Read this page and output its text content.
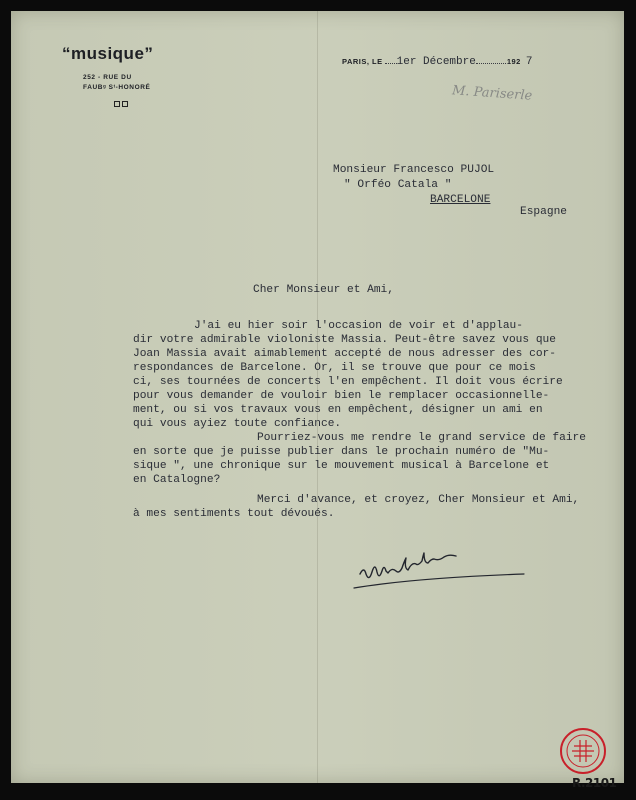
“musique”
252 - RUE DU
FAUBᵍ Sᵗ-HONORÉ
PARIS, LE 1er Décembre	192 7
M. Pariserle
Monsieur Francesco PUJOL
" Orféo Catala "
BARCELONE
Espagne
Cher Monsieur et Ami,
J'ai eu hier soir l'occasion de voir et d'applau-
dir votre admirable violoniste Massia. Peut-être savez vous que
Joan Massia avait aimablement accepté de nous adresser des cor-
respondances de Barcelone. Or, il se trouve que pour ce mois
ci, ses tournées de concerts l'en empêchent. Il doit vous écrire
pour vous demander de vouloir bien le remplacer occasionnelle-
ment, ou si vos travaux vous en empêchent, désigner un ami en
qui vous ayiez toute confiance.
Pourriez-vous me rendre le grand service de faire
en sorte que je puisse publier dans le prochain numéro de "Mu-
sique ", une chronique sur le mouvement musical à Barcelone et
en Catalogne?
Merci d'avance, et croyez, Cher Monsieur et Ami,
à mes sentiments tout dévoués.
R.2101
